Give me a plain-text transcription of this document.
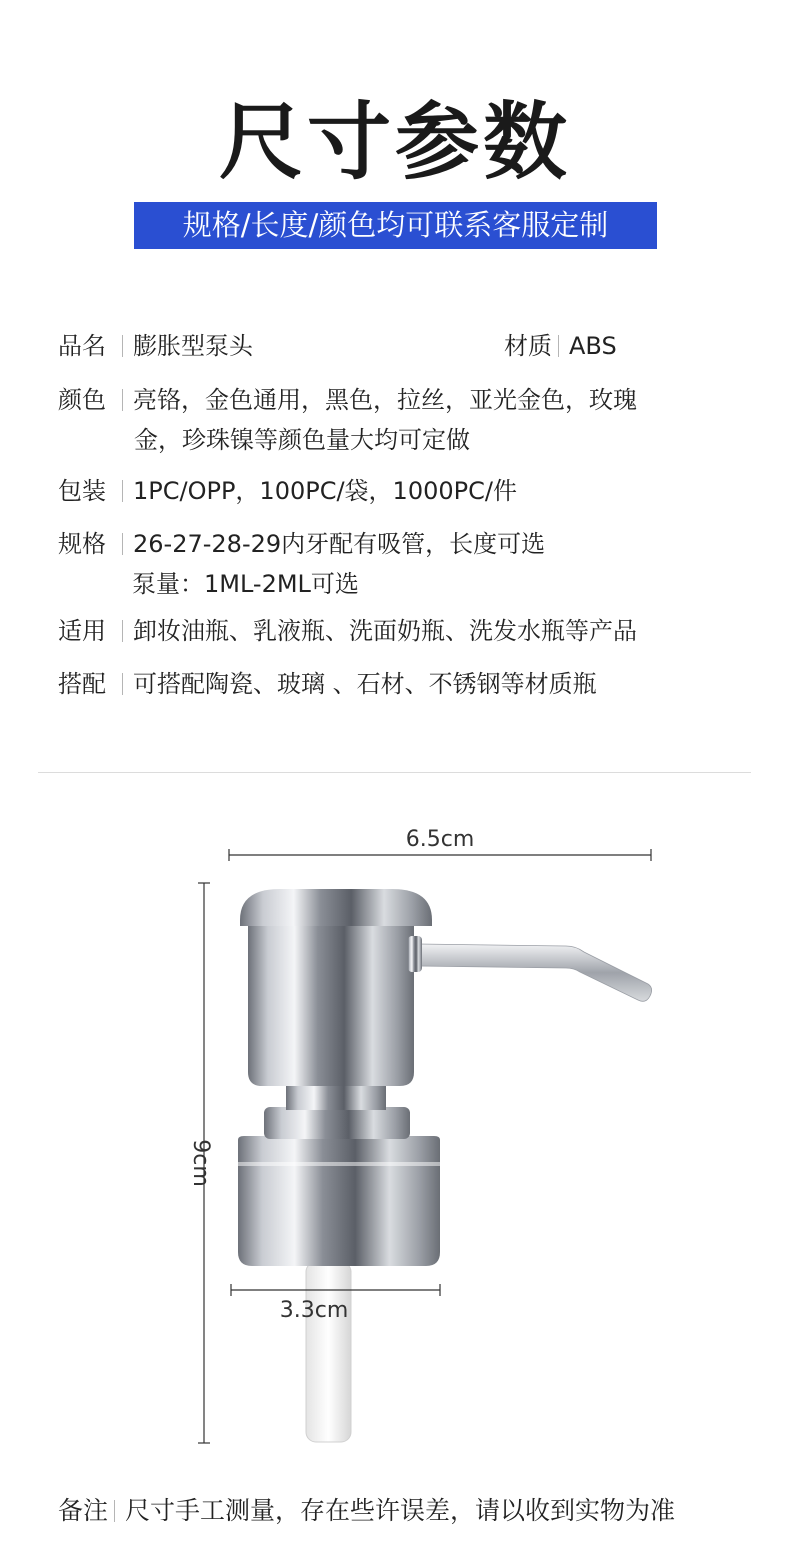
尺寸参数
规格/长度/颜色均可联系客服定制
品名 膨胀型泵头	材质 ABS
颜色 亮铬，金色通用，黑色，拉丝，亚光金色，玫瑰
金，珍珠镍等颜色量大均可定做
包装 1PC/OPP，100PC/袋，1000PC/件
规格 26-27-28-29内牙配有吸管，长度可选
泵量：1ML-2ML可选
适用 卸妆油瓶、乳液瓶、洗面奶瓶、洗发水瓶等产品
搭配 可搭配陶瓷、玻璃 、石材、不锈钢等材质瓶
6.5cm
9cm
3.3cm
备注 尺寸手工测量，存在些许误差，请以收到实物为准
